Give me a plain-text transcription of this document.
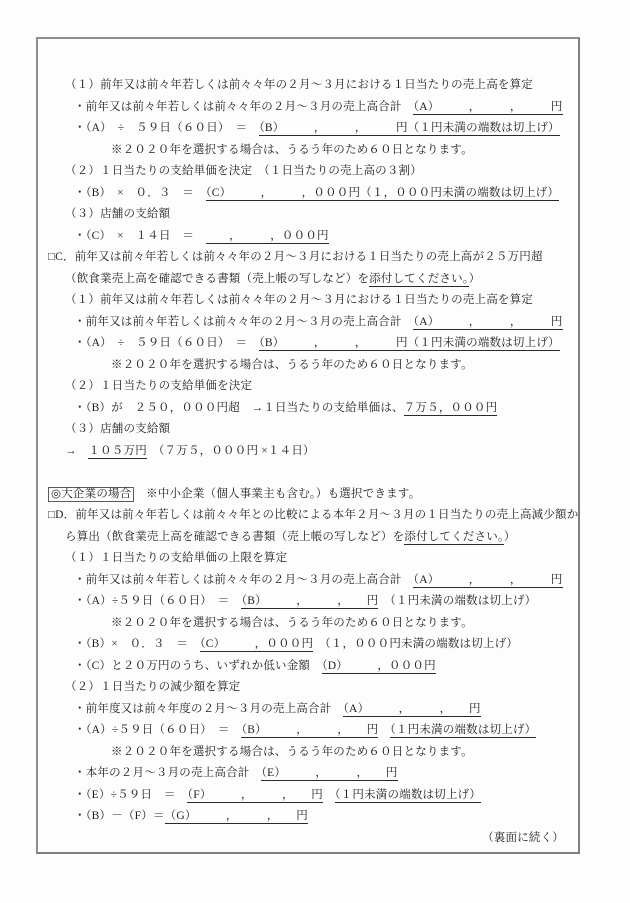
（１）前年又は前々年若しくは前々々年の２月～３月における１日当たりの売上高を算定
・前年又は前々年若しくは前々々年の２月～３月の売上高合計　（A）　　　，　　　，　　　円
・（A）　÷　５９日（６０日）　＝　（B）　　　，　　　，　　　円（１円未満の端数は切上げ）
※２０２０年を選択する場合は、うるう年のため６０日となります。
（２）１日当たりの支給単価を決定　（１日当たりの売上高の３割）
・（B）　×　０．３　＝　（C）　　　，　　　，０００円（１，０００円未満の端数は切上げ）
（３）店舗の支給額
・（C）　×　１４日　＝　　　，　　　，０００円
□C．前年又は前々年若しくは前々々年の２月～３月における１日当たりの売上高が２５万円超
（飲食業売上高を確認できる書類（売上帳の写しなど）を添付してください。）
（１）前年又は前々年若しくは前々々年の２月～３月における１日当たりの売上高を算定
・前年又は前々年若しくは前々々年の２月～３月の売上高合計　（A）　　　，　　　，　　　円
・（A）　÷　５９日（６０日）　＝　（B）　　　，　　　，　　　円（１円未満の端数は切上げ）
※２０２０年を選択する場合は、うるう年のため６０日となります。
（２）１日当たりの支給単価を決定
・（B）が　２５０，０００円超　→１日当たりの支給単価は、７万５，０００円
（３）店舗の支給額
→　１０５万円　（７万５，０００円 ×１４日）
◎大企業の場合　※中小企業（個人事業主も含む。）も選択できます。
□D．前年又は前々年若しくは前々々年との比較による本年２月～３月の１日当たりの売上高減少額か
ら算出（飲食業売上高を確認できる書類（売上帳の写しなど）を添付してください。）
（１）１日当たりの支給単価の上限を算定
・前年又は前々年若しくは前々々年の２月～３月の売上高合計　（A）　　　，　　　，　　　円
・（A）÷５９日（６０日）　＝　（B）　　　，　　　，　　円　（１円未満の端数は切上げ）
※２０２０年を選択する場合は、うるう年のため６０日となります。
・（B）×　０．３　＝　（C）　　　，０００円　（１，０００円未満の端数は切上げ）
・（C）と２０万円のうち、いずれか低い金額　（D）　　　，０００円
（２）１日当たりの減少額を算定
・前年度又は前々年度の２月～３月の売上高合計　（A）　　　，　　　，　　円
・（A）÷５９日（６０日）　＝　（B）　　　，　　　，　　円　 （１円未満の端数は切上げ）
※２０２０年を選択する場合は、うるう年のため６０日となります。
・本年の２月～３月の売上高合計　（E）　　　，　　　，　　円
・（E）÷５９日　＝　（F）　　　，　　　，　　円　 （１円未満の端数は切上げ）
・（B）－（F）＝（G）　　　，　　　，　　円
（裏面に続く）
